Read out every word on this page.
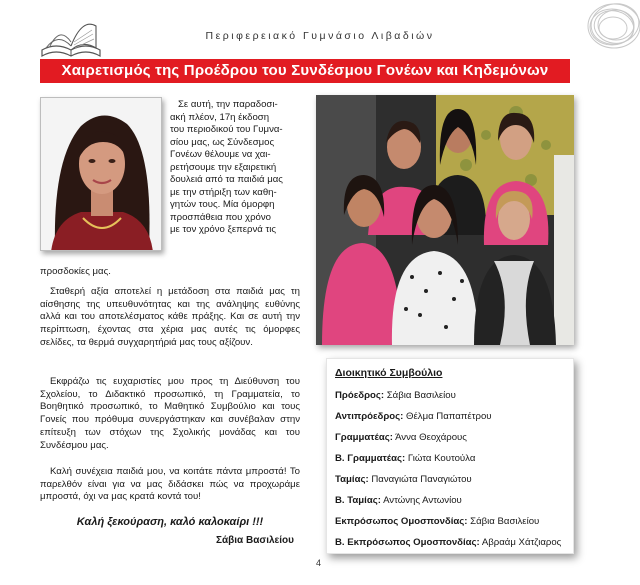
Περιφερειακό Γυμνάσιο Λιβαδιών
Χαιρετισμός της Προέδρου του Συνδέσμου Γονέων και Κηδεμόνων
Σε αυτή, την παραδοσι-
ακή πλέον, 17η έκδοση
του περιοδικού του Γυμνα-
σίου μας, ως Σύνδεσμος
Γονέων θέλουμε να χαι-
ρετήσουμε την εξαιρετική
δουλειά από τα παιδιά μας
με την στήριξη των καθη-
γητών τους. Μία όμορφη
προσπάθεια που χρόνο
με τον χρόνο ξεπερνά τις
προσδοκίες μας.
Σταθερή αξία αποτελεί η μετάδοση στα παιδιά μας τη αίσθησης της υπευθυνότητας και της ανάληψης ευθύνης αλλά και του αποτελέσματος κάθε πράξης. Και σε αυτή την περίπτωση, έχοντας στα χέρια μας αυτές τις όμορφες σελίδες, τα θερμά συγχαρητήριά μας τους αξίζουν.
Εκφράζω τις ευχαριστίες μου προς τη Διεύθυνση του Σχολείου, το Διδακτικό προσωπικό, τη Γραμματεία, το Βοηθητικό προσωπικό, το Μαθητικό Συμβούλιο και τους Γονείς που πρόθυμα συνεργάστηκαν και συνέβαλαν στην επίτευξη των στόχων της Σχολικής μονάδας και του Συνδέσμου μας.
Καλή συνέχεια παιδιά μου, να κοιτάτε πάντα μπροστά! Το παρελθόν είναι για να μας διδάσκει πώς να προχωράμε μπροστά, όχι να μας κρατά κοντά του!
Καλή ξεκούραση, καλό καλοκαίρι !!!
Σάβια Βασιλείου
Διοικητικό Συμβούλιο
Πρόεδρος: Σάβια Βασιλείου
Αντιπρόεδρος: Θέλμα Παπαπέτρου
Γραμματέας: Άννα Θεοχάρους
Β. Γραμματέας: Γιώτα Κουτούλα
Ταμίας: Παναγιώτα Παναγιώτου
Β. Ταμίας: Αντώνης Αντωνίου
Εκπρόσωπος Ομοσπονδίας: Σάβια Βασιλείου
Β. Εκπρόσωπος Ομοσπονδίας: Αβραάμ Χάτζιαρος
4
